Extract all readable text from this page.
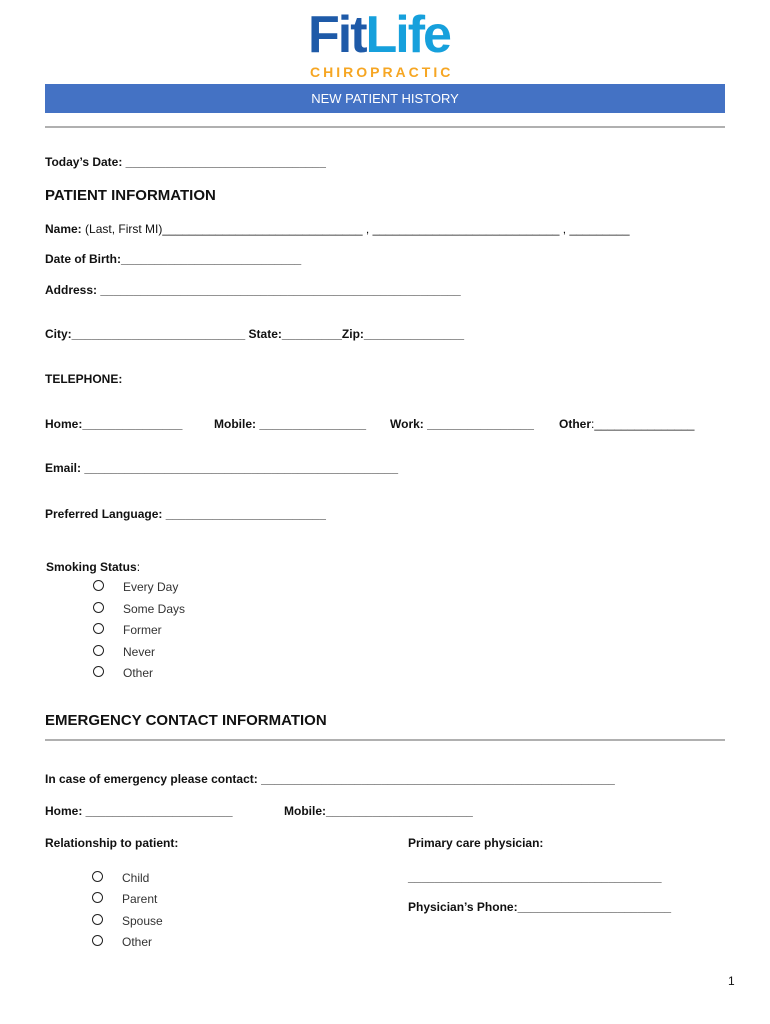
FitLife
CHIROPRACTIC
NEW PATIENT HISTORY
Today’s Date: ______________________________
PATIENT INFORMATION
Name: (Last, First MI)______________________________ , ____________________________ , _________
Date of Birth:___________________________
Address: ______________________________________________________
City:__________________________ State:_________Zip:_______________
TELEPHONE:
Home:_______________	Mobile: ________________ Work: ________________ Other:_______________
Email: _______________________________________________
Preferred Language: ________________________
Smoking Status:
Every Day
Some Days
Former
Never
Other
EMERGENCY CONTACT INFORMATION
In case of emergency please contact: _____________________________________________________
Home: ______________________	Mobile:______________________
Relationship to patient:	Primary care physician:
Child
Parent
Spouse
Other
______________________________________
Physician’s Phone:_______________________
1
